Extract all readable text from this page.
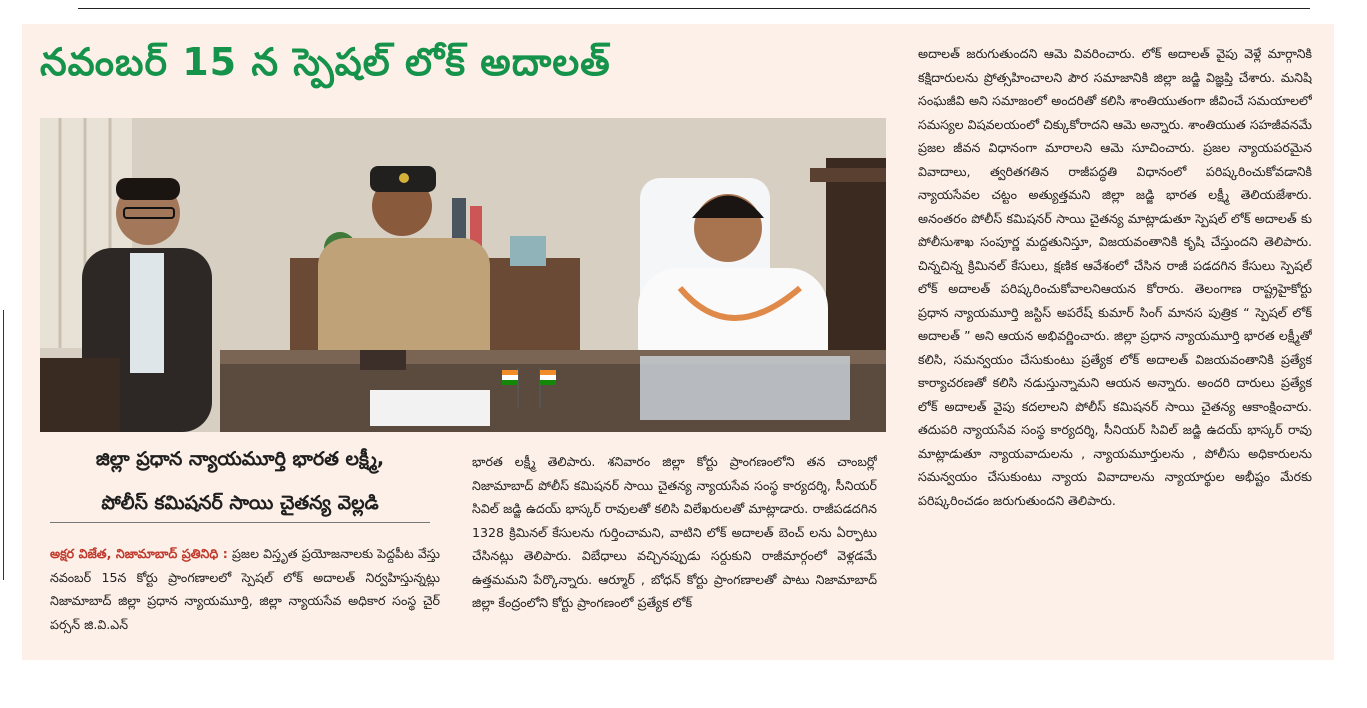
నవంబర్ 15 న స్పెషల్ లోక్ అదాలత్
జిల్లా ప్రధాన న్యాయమూర్తి భారత లక్ష్మీ,
పోలీస్ కమిషనర్ సాయి చైతన్య వెల్లడి
అక్షర విజేత, నిజామాబాద్ ప్రతినిధి : ప్రజల విస్తృత ప్రయోజనాలకు పెద్దపీట వేస్తు నవంబర్ 15న కోర్టు ప్రాంగణాలలో స్పెషల్ లోక్ అదాలత్ నిర్వహిస్తున్నట్లు నిజామాబాద్ జిల్లా ప్రధాన న్యాయమూర్తి, జిల్లా న్యాయసేవ అధికార సంస్థ చైర్ పర్సన్ జి.వి.ఎన్
భారత లక్ష్మీ తెలిపారు. శనివారం జిల్లా కోర్టు ప్రాంగణంలోని తన చాంబర్లో నిజామాబాద్ పోలీస్ కమిషనర్ సాయి చైతన్య న్యాయసేవ సంస్థ కార్యదర్శి, సీనియర్ సివిల్ జడ్జి ఉదయ్ భాస్కర్ రావులతో కలిసి విలేఖరులతో మాట్లాడారు. రాజీపడదగిన 1328 క్రిమినల్ కేసులను గుర్తించామని, వాటిని లోక్ అదాలత్ బెంచ్ లను ఏర్పాటు చేసినట్లు తెలిపారు. విబేధాలు వచ్చినప్పుడు సర్దుకుని రాజీమార్గంలో వెళ్లడమే ఉత్తమమని పేర్కొన్నారు. ఆర్మూర్ , బోధన్ కోర్టు ప్రాంగణాలతో పాటు నిజామాబాద్ జిల్లా కేంద్రంలోని కోర్టు ప్రాంగణంలో ప్రత్యేక లోక్
అదాలత్ జరుగుతుందని ఆమె వివరించారు. లోక్ అదాలత్ వైపు వెళ్లే మార్గానికి కక్షిదారులను ప్రోత్సహించాలని పౌర సమాజానికి జిల్లా జడ్జి విజ్ఞప్తి చేశారు. మనిషి సంఘజీవి అని సమాజంలో అందరితో కలిసి శాంతియుతంగా జీవించే సమయాలలో సమస్యల విషవలయంలో చిక్కుకోరాదని ఆమె అన్నారు. శాంతియుత సహజీవనమే ప్రజల జీవన విధానంగా మారాలని ఆమె సూచించారు. ప్రజల న్యాయపరమైన వివాదాలు, త్వరితగతిన రాజీపద్ధతి విధానంలో పరిష్కరించుకోవడానికి న్యాయసేవల చట్టం అత్యుత్తమని జిల్లా జడ్జి భారత లక్ష్మీ తెలియజేశారు. అనంతరం పోలీస్ కమిషనర్ సాయి చైతన్య మాట్లాడుతూ స్పెషల్ లోక్ అదాలత్ కు పోలీసుశాఖ సంపూర్ణ మద్దతునిస్తూ, విజయవంతానికి కృషి చేస్తుందని తెలిపారు. చిన్నచిన్న క్రిమినల్ కేసులు, క్షణిక ఆవేశంలో చేసిన రాజీ పడదగిన కేసులు స్పెషల్ లోక్ అదాలత్ పరిష్కరించుకోవాలనిఆయన కోరారు. తెలంగాణ రాష్ట్రహైకోర్టు ప్రధాన న్యాయమూర్తి జస్టిస్ అపరేష్ కుమార్ సింగ్ మానస పుత్రిక “ స్పెషల్ లోక్ అదాలత్ ” అని ఆయన అభివర్ణించారు. జిల్లా ప్రధాన న్యాయమూర్తి భారత లక్ష్మీతో కలిసి, సమన్వయం చేసుకుంటు ప్రత్యేక లోక్ అదాలత్ విజయవంతానికి ప్రత్యేక కార్యాచరణతో కలిసి నడుస్తున్నామని ఆయన అన్నారు. అందరి దారులు ప్రత్యేక లోక్ అదాలత్ వైపు కదలాలని పోలీస్ కమిషనర్ సాయి చైతన్య ఆకాంక్షించారు. తదుపరి న్యాయసేవ సంస్థ కార్యదర్శి, సీనియర్ సివిల్ జడ్జి ఉదయ్ భాస్కర్ రావు మాట్లాడుతూ న్యాయవాదులను , న్యాయమూర్తులను , పోలీసు అధికారులను సమన్వయం చేసుకుంటు న్యాయ వివాదాలను న్యాయార్థుల అభీష్టం మేరకు పరిష్కరించడం జరుగుతుందని తెలిపారు.
